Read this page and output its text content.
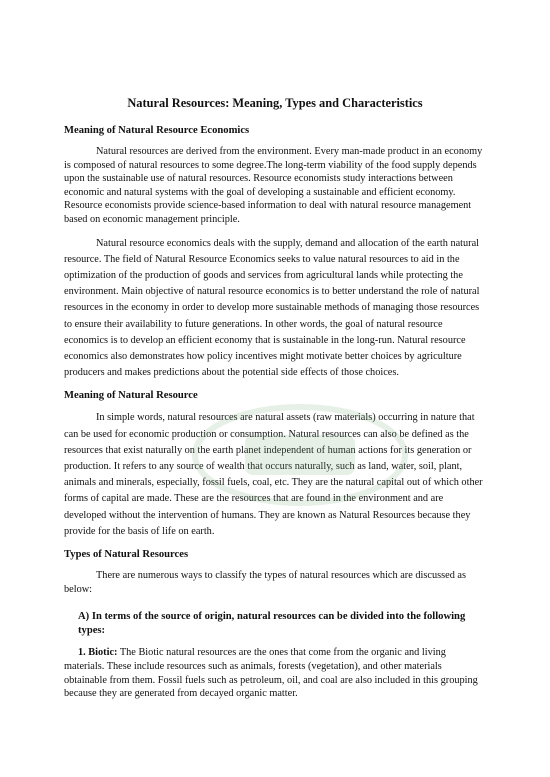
Natural Resources: Meaning, Types and Characteristics
Meaning of Natural Resource Economics

Natural resources are derived from the environment. Every man-made product in an economy is composed of natural resources to some degree.The long-term viability of the food supply depends upon the sustainable use of natural resources. Resource economists study interactions between economic and natural systems with the goal of developing a sustainable and efficient economy. Resource economists provide science-based information to deal with natural resource management based on economic management principle.

Natural resource economics deals with the supply, demand and allocation of the earth natural resource. The field of Natural Resource Economics seeks to value natural resources to aid in the optimization of the production of goods and services from agricultural lands while protecting the environment. Main objective of natural resource economics is to better understand the role of natural resources in the economy in order to develop more sustainable methods of managing those resources to ensure their availability to future generations. In other words, the goal of natural resource economics is to develop an efficient economy that is sustainable in the long-run. Natural resource economics also demonstrates how policy incentives might motivate better choices by agriculture producers and makes predictions about the potential side effects of those choices.

Meaning of Natural Resource

In simple words, natural resources are natural assets (raw materials) occurring in nature that can be used for economic production or consumption. Natural resources can also be defined as the resources that exist naturally on the earth planet independent of human actions for its generation or production. It refers to any source of wealth that occurs naturally, such as land, water, soil, plant, animals and minerals, especially, fossil fuels, coal, etc. They are the natural capital out of which other forms of capital are made. These are the resources that are found in the environment and are developed without the intervention of humans. They are known as Natural Resources because they provide for the basis of life on earth.

Types of Natural Resources

There are numerous ways to classify the types of natural resources which are discussed as below:

A) In terms of the source of origin, natural resources can be divided into the following types:

1. Biotic: The Biotic natural resources are the ones that come from the organic and living materials. These include resources such as animals, forests (vegetation), and other materials obtainable from them. Fossil fuels such as petroleum, oil, and coal are also included in this grouping because they are generated from decayed organic matter.
